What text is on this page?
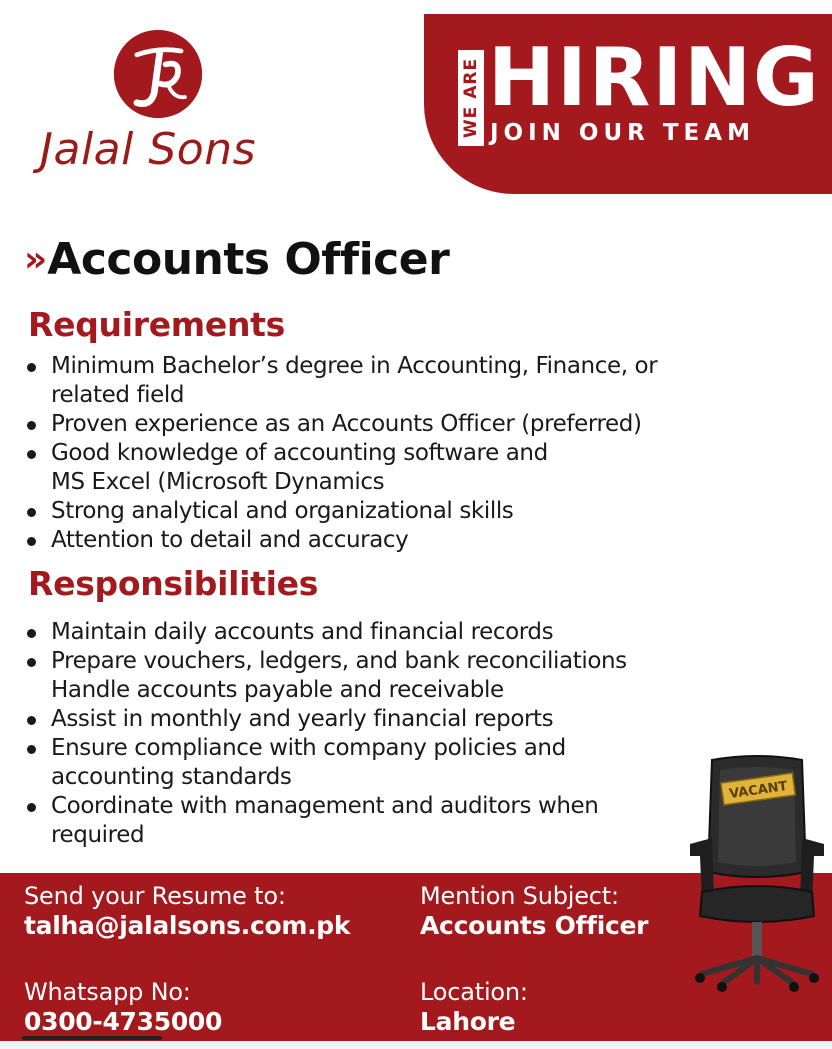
Jalal Sons
WE ARE HIRING
JOIN OUR TEAM
» Accounts Officer
Requirements
Minimum Bachelor’s degree in Accounting, Finance, or
related field
Proven experience as an Accounts Officer (preferred)
Good knowledge of accounting software and
MS Excel (Microsoft Dynamics
Strong analytical and organizational skills
Attention to detail and accuracy
Responsibilities
Maintain daily accounts and financial records
Prepare vouchers, ledgers, and bank reconciliations
Handle accounts payable and receivable
Assist in monthly and yearly financial reports
Ensure compliance with company policies and
accounting standards
Coordinate with management and auditors when
required
Send your Resume to:
talha@jalalsons.com.pk
Mention Subject:
Accounts Officer
Whatsapp No:
0300-4735000
Location:
Lahore
VACANT
